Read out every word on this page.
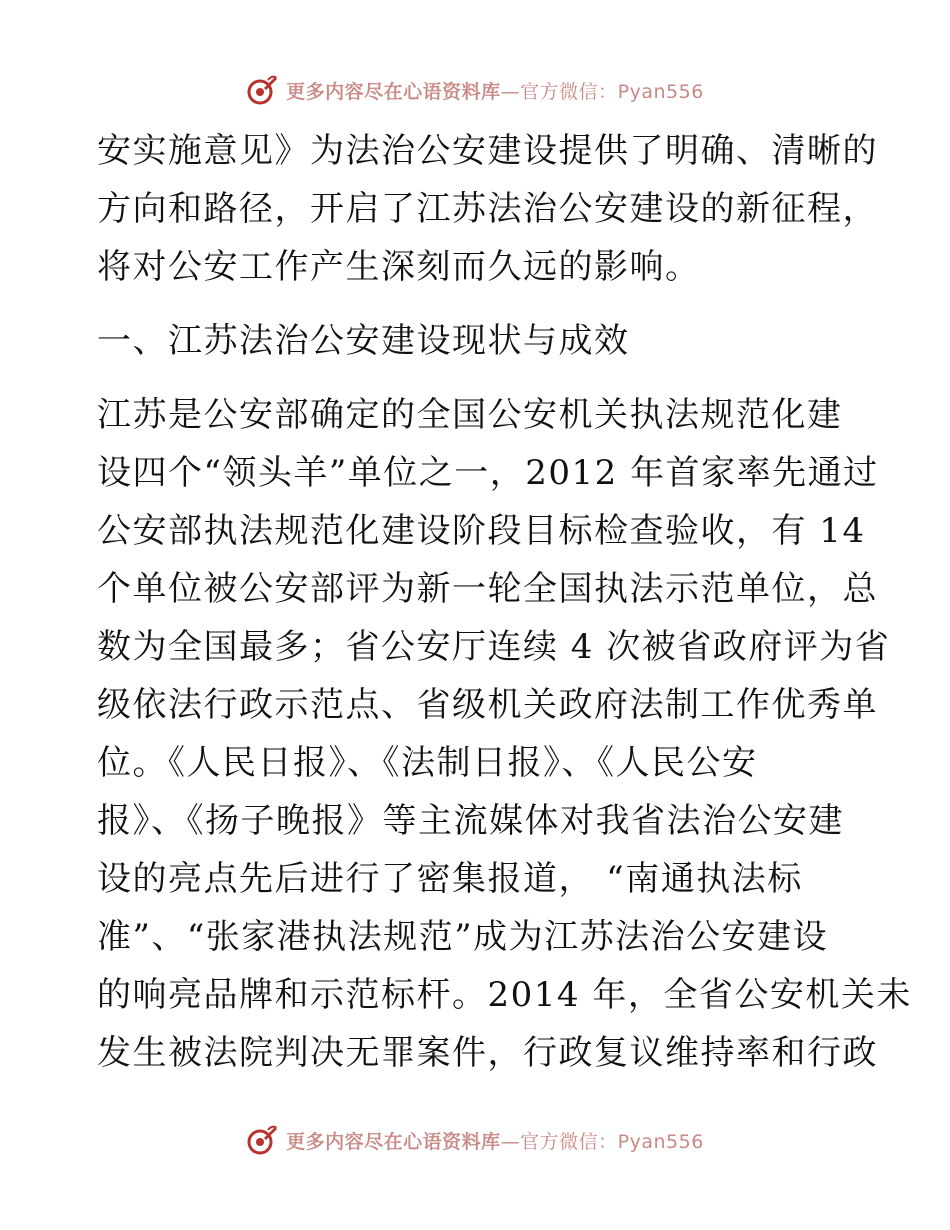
更多内容尽在心语资料库—官方微信：Pyan556
安实施意见》为法治公安建设提供了明确、清晰的
方向和路径，开启了江苏法治公安建设的新征程，
将对公安工作产生深刻而久远的影响。
一、江苏法治公安建设现状与成效
江苏是公安部确定的全国公安机关执法规范化建
设四个“领头羊”单位之一，2012 年首家率先通过
公安部执法规范化建设阶段目标检查验收，有 14
个单位被公安部评为新一轮全国执法示范单位，总
数为全国最多；省公安厅连续 4 次被省政府评为省
级依法行政示范点、省级机关政府法制工作优秀单
位。《人民日报》、《法制日报》、《人民公安
报》、《扬子晚报》等主流媒体对我省法治公安建
设的亮点先后进行了密集报道， “南通执法标
准”、“张家港执法规范”成为江苏法治公安建设
的响亮品牌和示范标杆。2014 年，全省公安机关未
发生被法院判决无罪案件，行政复议维持率和行政
更多内容尽在心语资料库—官方微信：Pyan556
